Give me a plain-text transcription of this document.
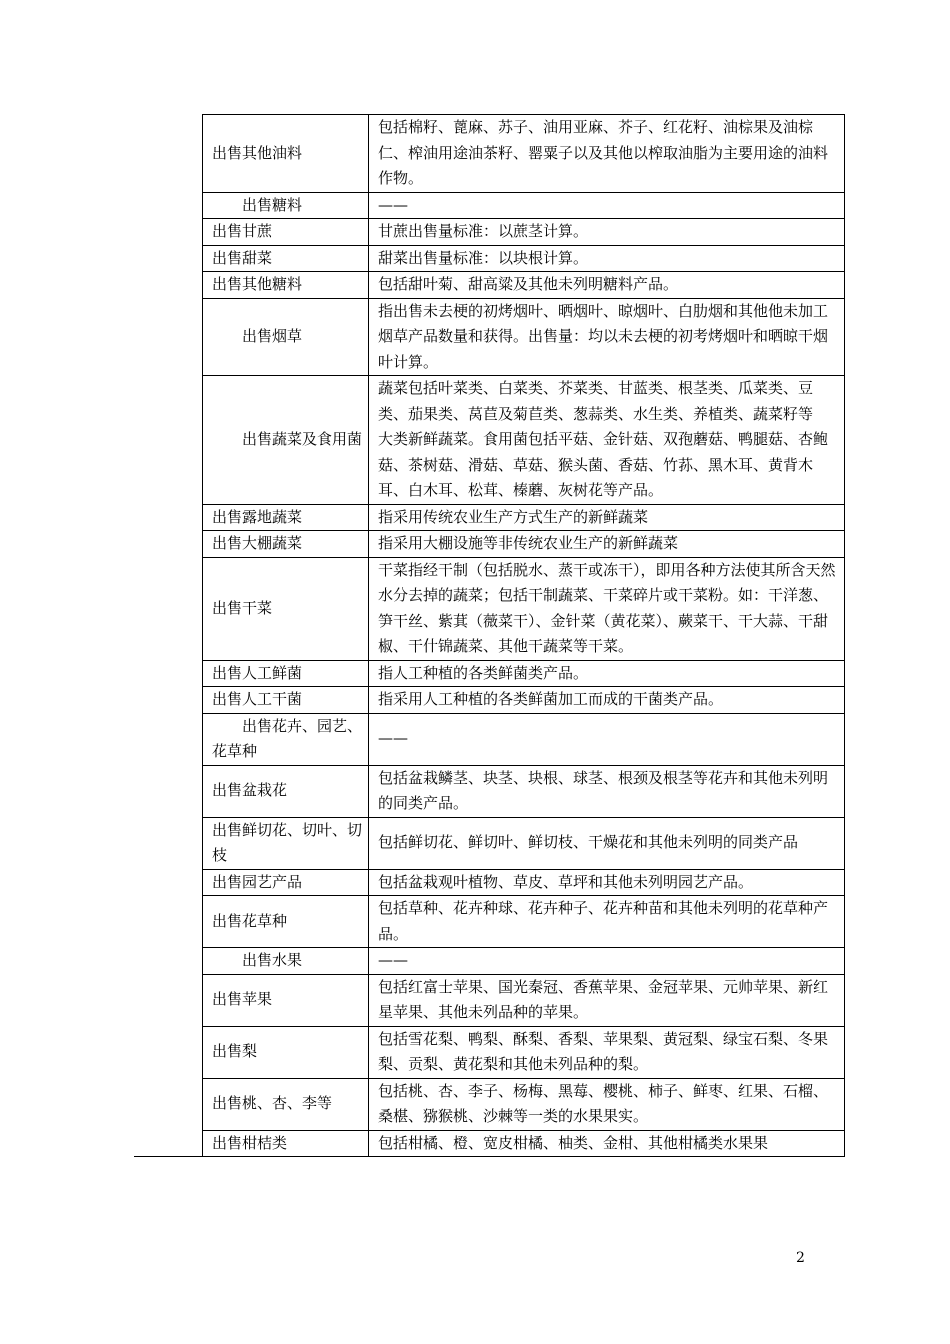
	出售其他油料	包括棉籽、蓖麻、苏子、油用亚麻、芥子、红花籽、油棕果及油棕仁、榨油用途油茶籽、罂粟子以及其他以榨取油脂为主要用途的油料作物。
	出售糖料	——
	出售甘蔗	甘蔗出售量标准：以蔗茎计算。
	出售甜菜	甜菜出售量标准：以块根计算。
	出售其他糖料	包括甜叶菊、甜高粱及其他未列明糖料产品。
	出售烟草	指出售未去梗的初烤烟叶、晒烟叶、晾烟叶、白肋烟和其他他未加工烟草产品数量和获得。出售量：均以未去梗的初考烤烟叶和晒晾干烟叶计算。
	出售蔬菜及食用菌	蔬菜包括叶菜类、白菜类、芥菜类、甘蓝类、根茎类、瓜菜类、豆类、茄果类、莴苣及菊苣类、葱蒜类、水生类、养植类、蔬菜籽等　　大类新鲜蔬菜。食用菌包括平菇、金针菇、双孢蘑菇、鸭腿菇、杏鲍菇、茶树菇、滑菇、草菇、猴头菌、香菇、竹荪、黑木耳、黄背木耳、白木耳、松茸、榛蘑、灰树花等产品。
	出售露地蔬菜	指采用传统农业生产方式生产的新鲜蔬菜
	出售大棚蔬菜	指采用大棚设施等非传统农业生产的新鲜蔬菜
	出售干菜	干菜指经干制（包括脱水、蒸干或冻干），即用各种方法使其所含天然水分去掉的蔬菜；包括干制蔬菜、干菜碎片或干菜粉。如：干洋葱、笋干丝、紫萁（薇菜干）、金针菜（黄花菜）、蕨菜干、干大蒜、干甜椒、干什锦蔬菜、其他干蔬菜等干菜。
	出售人工鲜菌	指人工种植的各类鲜菌类产品。
	出售人工干菌	指采用人工种植的各类鲜菌加工而成的干菌类产品。
	出售花卉、园艺、花草种	——
	出售盆栽花	包括盆栽鳞茎、块茎、块根、球茎、根颈及根茎等花卉和其他未列明的同类产品。
	出售鲜切花、切叶、切枝	包括鲜切花、鲜切叶、鲜切枝、干燥花和其他未列明的同类产品
	出售园艺产品	包括盆栽观叶植物、草皮、草坪和其他未列明园艺产品。
	出售花草种	包括草种、花卉种球、花卉种子、花卉种苗和其他未列明的花草种产品。
	出售水果	——
	出售苹果	包括红富士苹果、国光秦冠、香蕉苹果、金冠苹果、元帅苹果、新红星苹果、其他未列品种的苹果。
	出售梨	包括雪花梨、鸭梨、酥梨、香梨、苹果梨、黄冠梨、绿宝石梨、冬果梨、贡梨、黄花梨和其他未列品种的梨。
	出售桃、杏、李等	包括桃、杏、李子、杨梅、黑莓、樱桃、柿子、鲜枣、红果、石榴、桑椹、猕猴桃、沙棘等一类的水果果实。
	出售柑桔类	包括柑橘、橙、宽皮柑橘、柚类、金柑、其他柑橘类水果果
2
